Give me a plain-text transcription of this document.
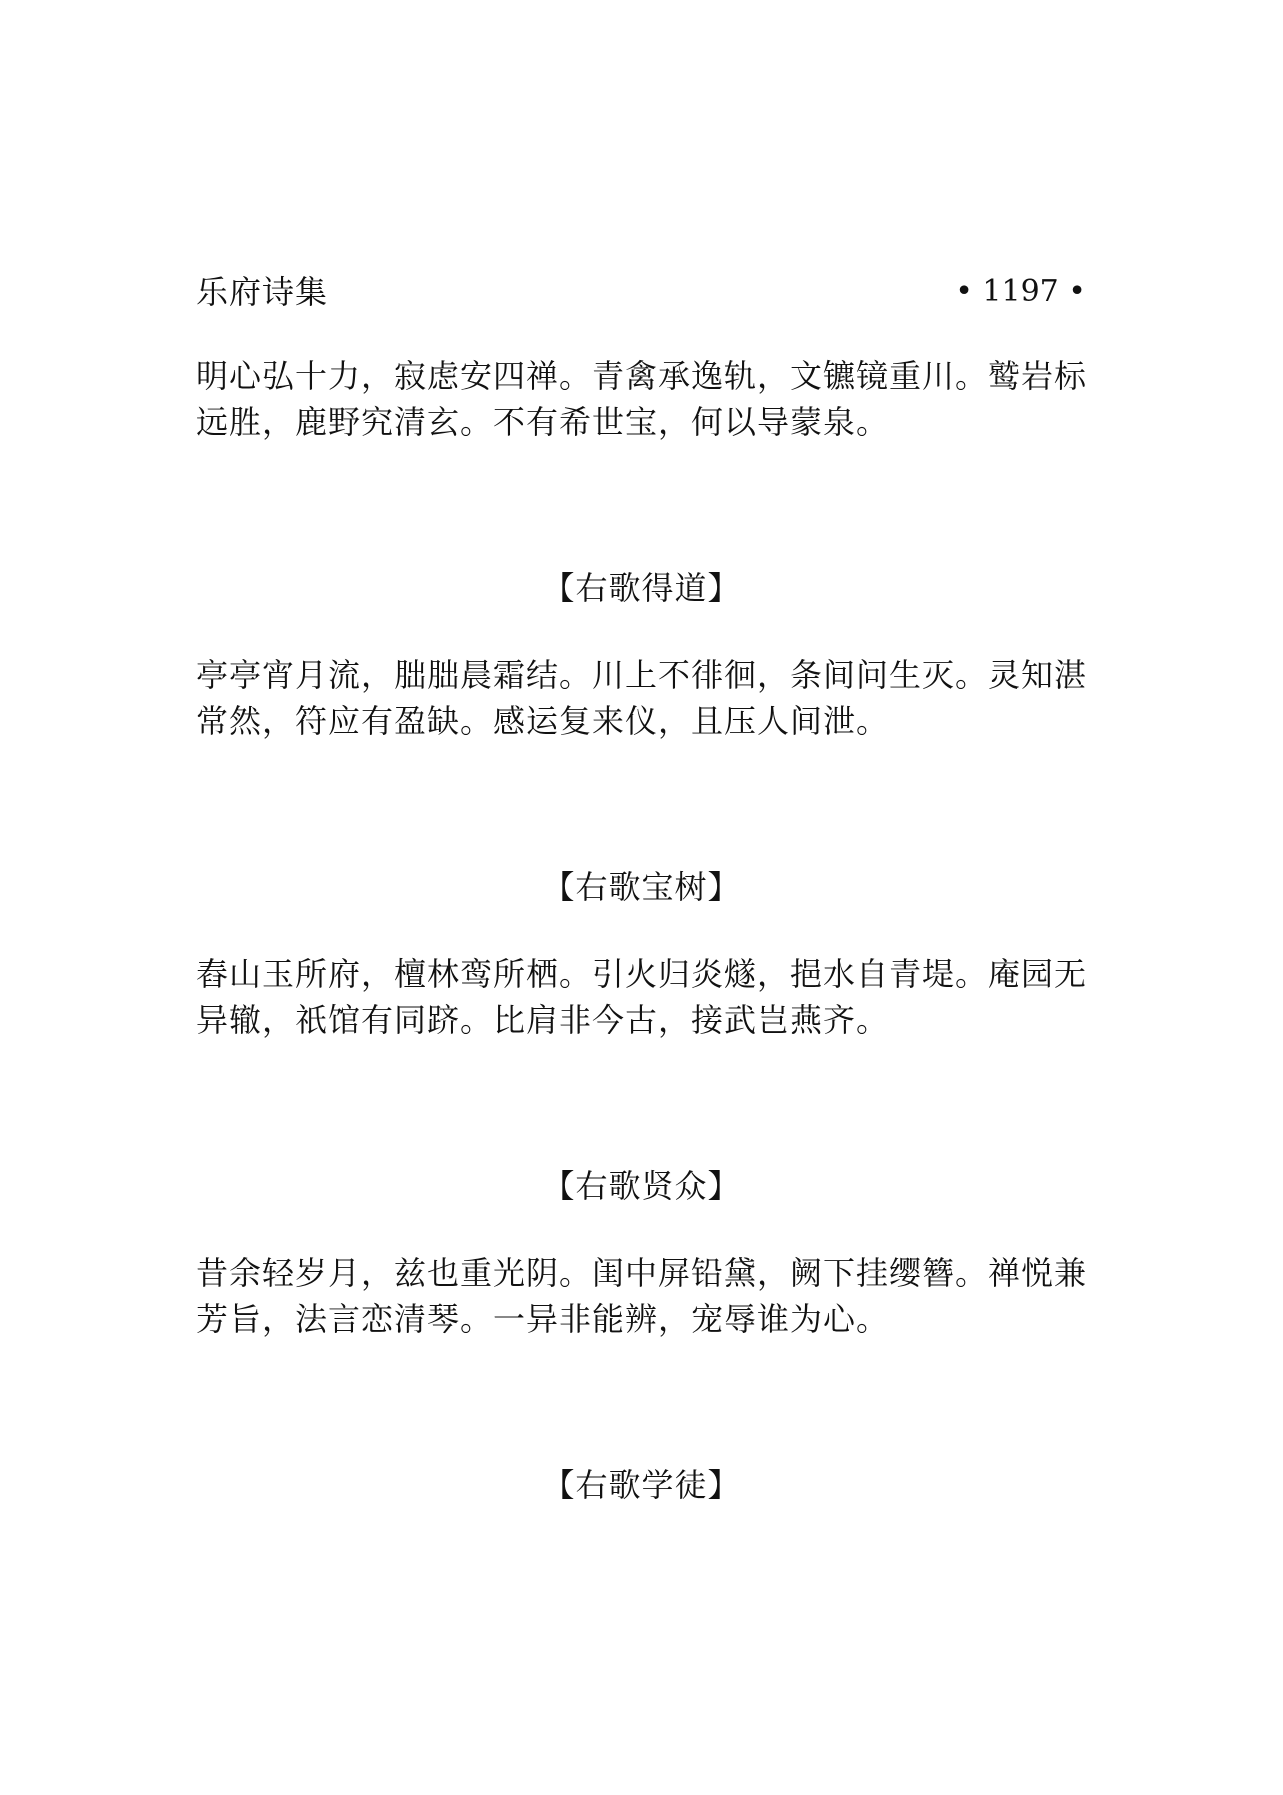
乐府诗集	• 1197 •
明心弘十力，寂虑安四禅。青禽承逸轨，文镳镜重川。鹫岩标
远胜，鹿野究清玄。不有希世宝，何以导蒙泉。
【右歌得道】
亭亭宵月流，朏朏晨霜结。川上不徘徊，条间问生灭。灵知湛
常然，符应有盈缺。感运复来仪，且压人间泄。
【右歌宝树】
舂山玉所府，檀林鸾所栖。引火归炎燧，挹水自青堤。庵园无
异辙，祇馆有同跻。比肩非今古，接武岂燕齐。
【右歌贤众】
昔余轻岁月，兹也重光阴。闺中屏铅黛，阙下挂缨簪。禅悦兼
芳旨，法言恋清琴。一异非能辨，宠辱谁为心。
【右歌学徒】
